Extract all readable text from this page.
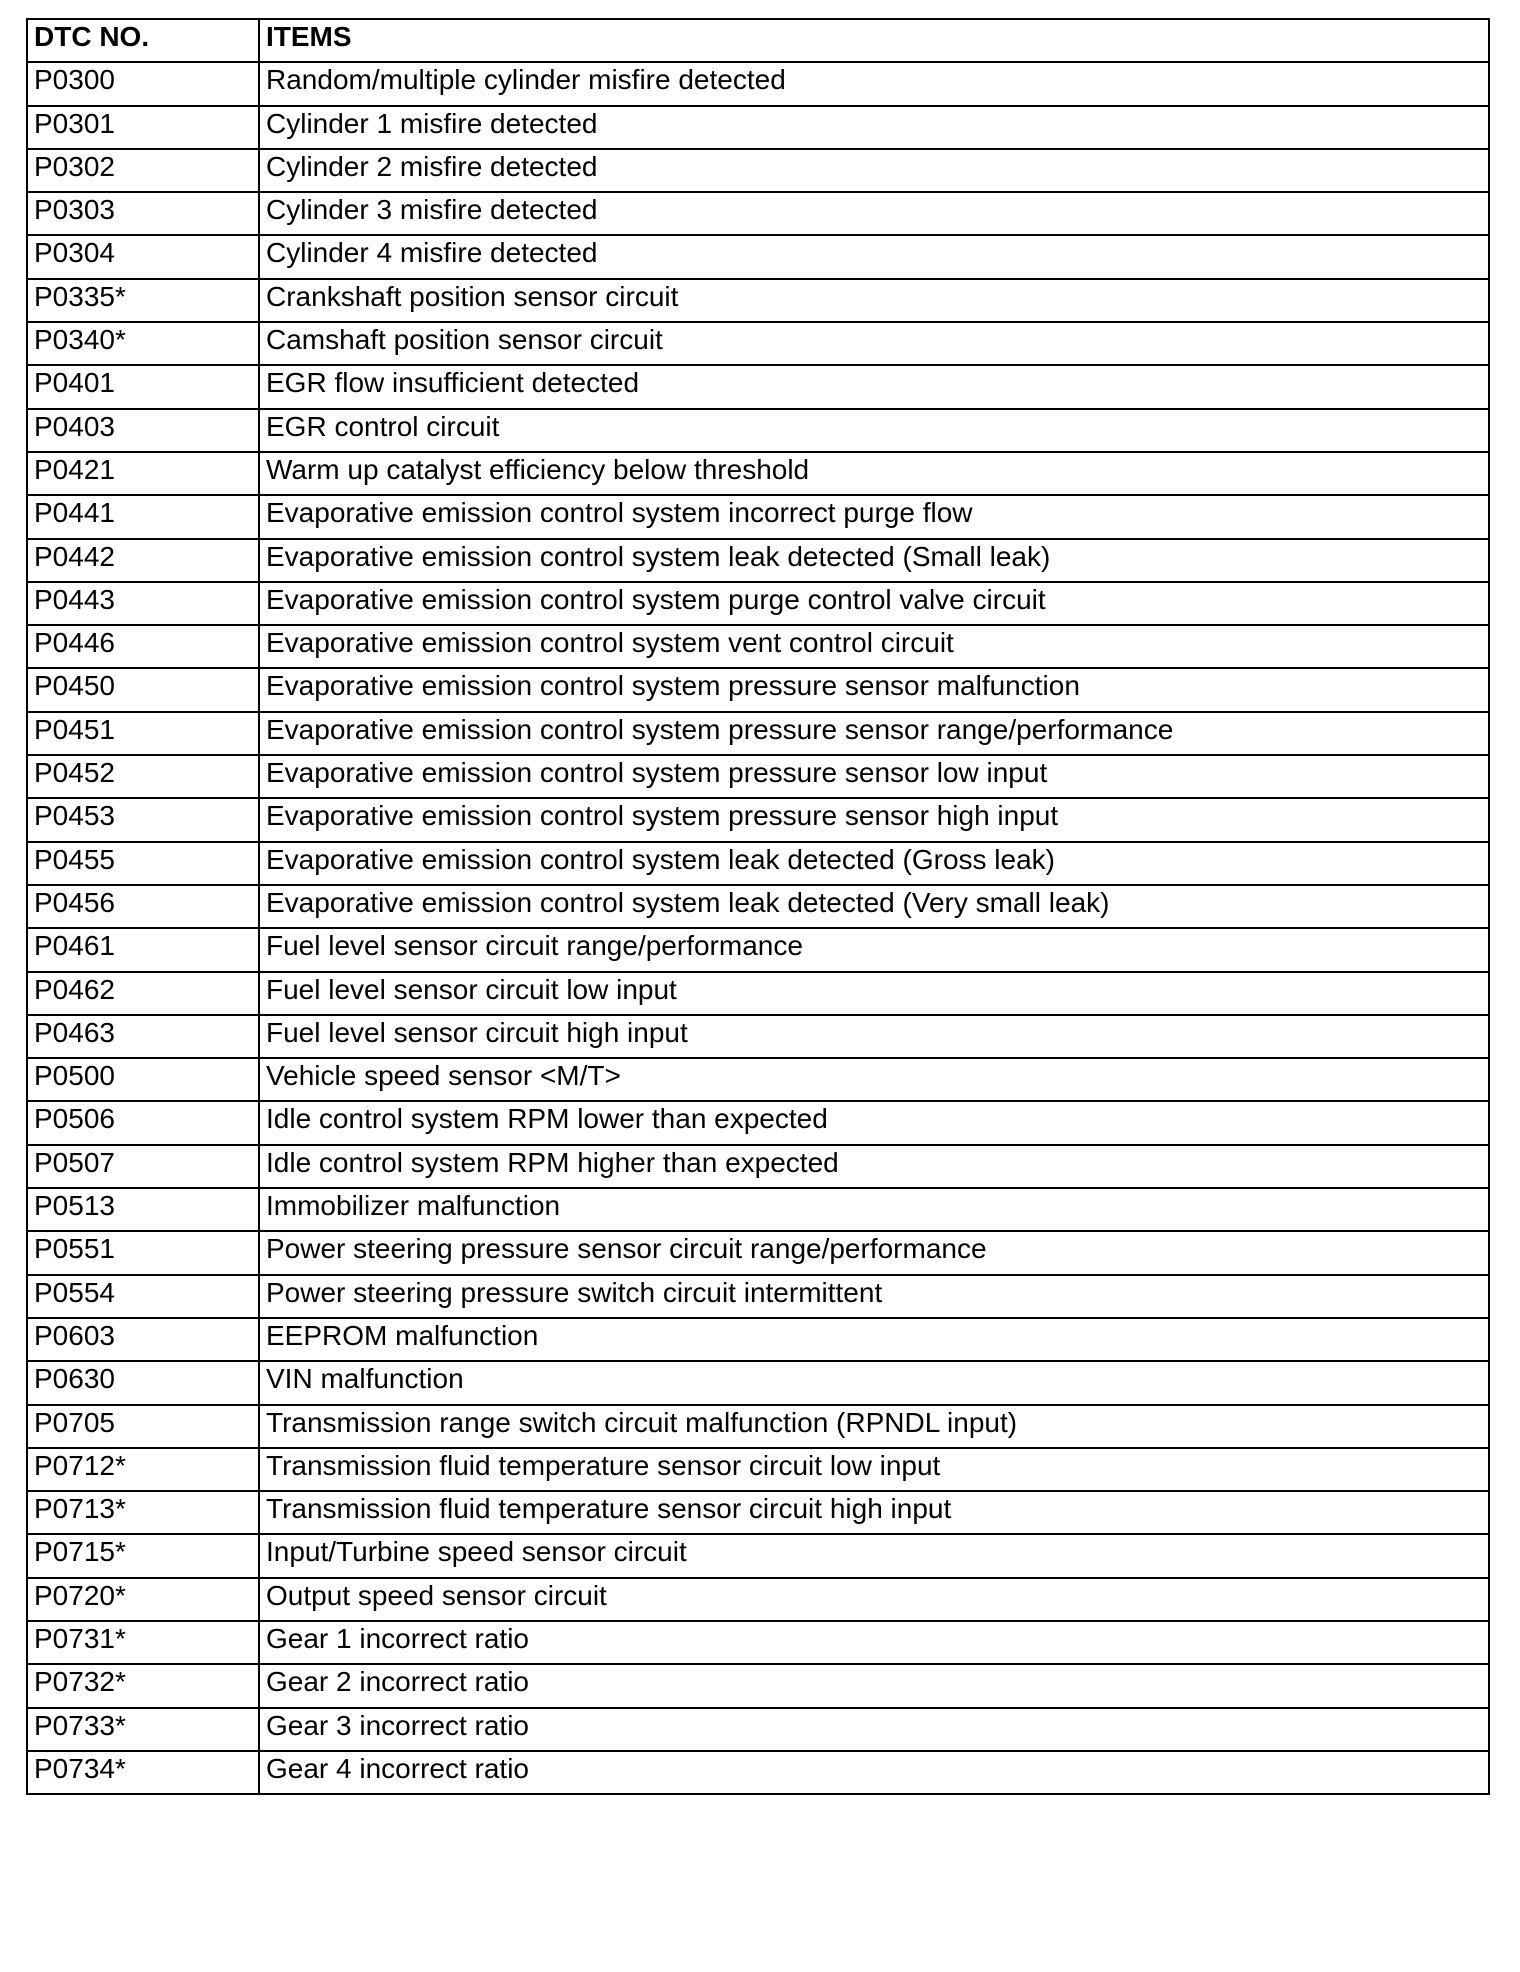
DTC NO.	ITEMS
P0300	Random/multiple cylinder misfire detected
P0301	Cylinder 1 misfire detected
P0302	Cylinder 2 misfire detected
P0303	Cylinder 3 misfire detected
P0304	Cylinder 4 misfire detected
P0335*	Crankshaft position sensor circuit
P0340*	Camshaft position sensor circuit
P0401	EGR flow insufficient detected
P0403	EGR control circuit
P0421	Warm up catalyst efficiency below threshold
P0441	Evaporative emission control system incorrect purge flow
P0442	Evaporative emission control system leak detected (Small leak)
P0443	Evaporative emission control system purge control valve circuit
P0446	Evaporative emission control system vent control circuit
P0450	Evaporative emission control system pressure sensor malfunction
P0451	Evaporative emission control system pressure sensor range/performance
P0452	Evaporative emission control system pressure sensor low input
P0453	Evaporative emission control system pressure sensor high input
P0455	Evaporative emission control system leak detected (Gross leak)
P0456	Evaporative emission control system leak detected (Very small leak)
P0461	Fuel level sensor circuit range/performance
P0462	Fuel level sensor circuit low input
P0463	Fuel level sensor circuit high input
P0500	Vehicle speed sensor <M/T>
P0506	Idle control system RPM lower than expected
P0507	Idle control system RPM higher than expected
P0513	Immobilizer malfunction
P0551	Power steering pressure sensor circuit range/performance
P0554	Power steering pressure switch circuit intermittent
P0603	EEPROM malfunction
P0630	VIN malfunction
P0705	Transmission range switch circuit malfunction (RPNDL input)
P0712*	Transmission fluid temperature sensor circuit low input
P0713*	Transmission fluid temperature sensor circuit high input
P0715*	Input/Turbine speed sensor circuit
P0720*	Output speed sensor circuit
P0731*	Gear 1 incorrect ratio
P0732*	Gear 2 incorrect ratio
P0733*	Gear 3 incorrect ratio
P0734*	Gear 4 incorrect ratio
